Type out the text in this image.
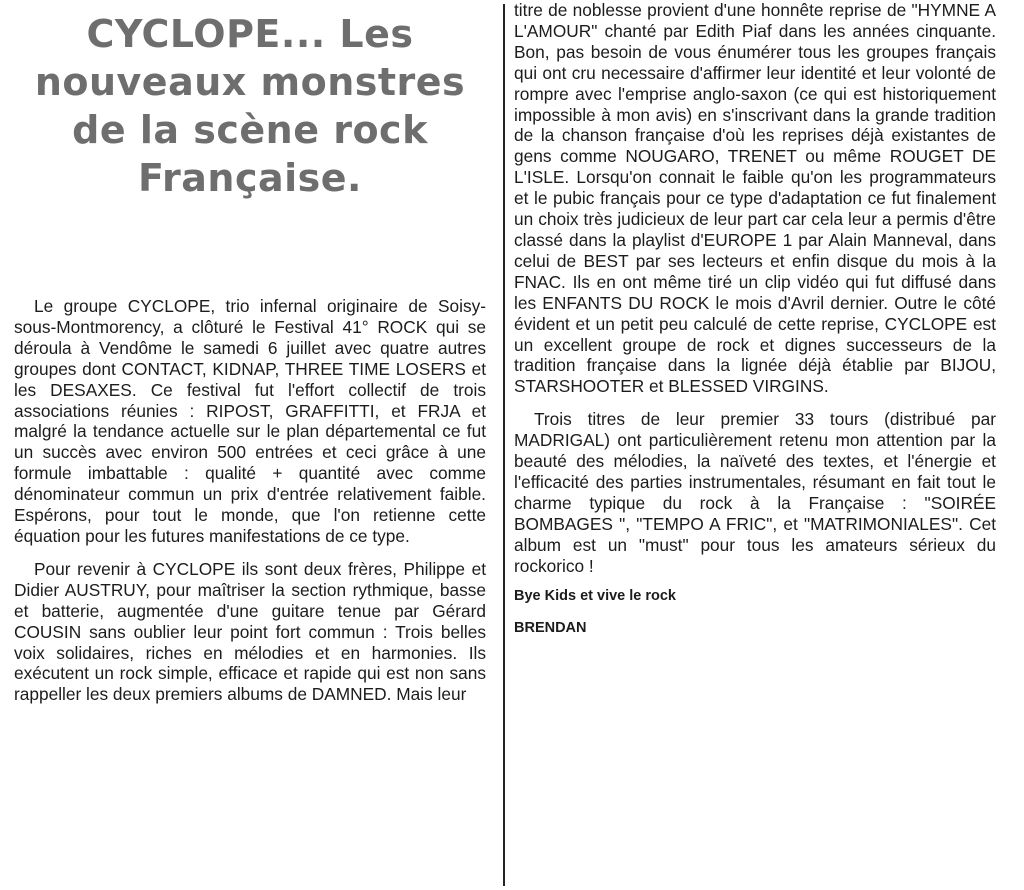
CYCLOPE... Les nouveaux monstres de la scène rock Française.

Le groupe CYCLOPE, trio infernal originaire de Soisy-sous-Montmorency, a clôturé le Festival 41° ROCK qui se déroula à Vendôme le samedi 6 juillet avec quatre autres groupes dont CONTACT, KIDNAP, THREE TIME LOSERS et les DESAXES. Ce festival fut l'effort collectif de trois associations réunies : RIPOST, GRAFFITTI, et FRJA et malgré la tendance actuelle sur le plan départemental ce fut un succès avec environ 500 entrées et ceci grâce à une formule imbattable : qualité + quantité avec comme dénominateur commun un prix d'entrée relativement faible. Espérons, pour tout le monde, que l'on retienne cette équation pour les futures manifestations de ce type.

Pour revenir à CYCLOPE ils sont deux frères, Philippe et Didier AUSTRUY, pour maîtriser la section rythmique, basse et batterie, augmentée d'une guitare tenue par Gérard COUSIN sans oublier leur point fort commun : Trois belles voix solidaires, riches en mélodies et en harmonies. Ils exécutent un rock simple, efficace et rapide qui est non sans rappeller les deux premiers albums de DAMNED. Mais leur

titre de noblesse provient d'une honnête reprise de "HYMNE A L'AMOUR" chanté par Edith Piaf dans les années cinquante. Bon, pas besoin de vous énumérer tous les groupes français qui ont cru necessaire d'affirmer leur identité et leur volonté de rompre avec l'emprise anglo-saxon (ce qui est historiquement impossible à mon avis) en s'inscrivant dans la grande tradition de la chanson française d'où les reprises déjà existantes de gens comme NOUGARO, TRENET ou même ROUGET DE L'ISLE. Lorsqu'on connait le faible qu'on les programmateurs et le pubic français pour ce type d'adaptation ce fut finalement un choix très judicieux de leur part car cela leur a permis d'être classé dans la playlist d'EUROPE 1 par Alain Manneval, dans celui de BEST par ses lecteurs et enfin disque du mois à la FNAC. Ils en ont même tiré un clip vidéo qui fut diffusé dans les ENFANTS DU ROCK le mois d'Avril dernier. Outre le côté évident et un petit peu calculé de cette reprise, CYCLOPE est un excellent groupe de rock et dignes successeurs de la tradition française dans la lignée déjà établie par BIJOU, STARSHOOTER et BLESSED VIRGINS.

Trois titres de leur premier 33 tours (distribué par MADRIGAL) ont particulièrement retenu mon attention par la beauté des mélodies, la naïveté des textes, et l'énergie et l'efficacité des parties instrumentales, résumant en fait tout le charme typique du rock à la Française : "SOIRÉE BOMBAGES ", "TEMPO A FRIC", et "MATRIMONIALES". Cet album est un "must" pour tous les amateurs sérieux du rockorico !

Bye Kids et vive le rock

BRENDAN
